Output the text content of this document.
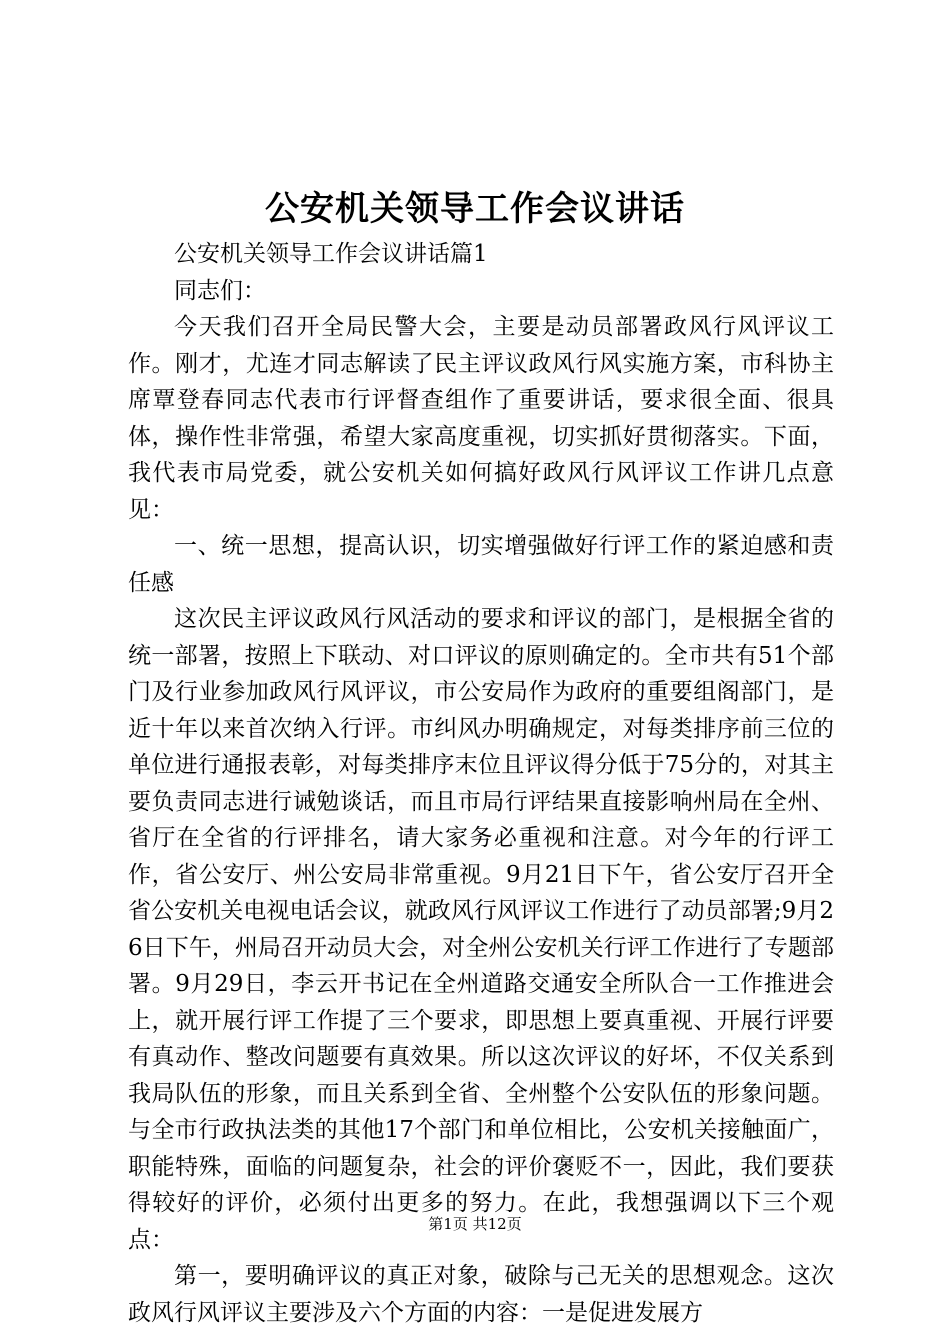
公安机关领导工作会议讲话

公安机关领导工作会议讲话篇1

同志们：

今天我们召开全局民警大会，主要是动员部署政风行风评议工作。刚才，尤连才同志解读了民主评议政风行风实施方案，市科协主席覃登春同志代表市行评督查组作了重要讲话，要求很全面、很具体，操作性非常强，希望大家高度重视，切实抓好贯彻落实。下面，我代表市局党委，就公安机关如何搞好政风行风评议工作讲几点意见：

一、统一思想，提高认识，切实增强做好行评工作的紧迫感和责任感

这次民主评议政风行风活动的要求和评议的部门，是根据全省的统一部署，按照上下联动、对口评议的原则确定的。全市共有51个部门及行业参加政风行风评议，市公安局作为政府的重要组阁部门，是近十年以来首次纳入行评。市纠风办明确规定，对每类排序前三位的单位进行通报表彰，对每类排序末位且评议得分低于75分的，对其主要负责同志进行诫勉谈话，而且市局行评结果直接影响州局在全州、省厅在全省的行评排名，请大家务必重视和注意。对今年的行评工作，省公安厅、州公安局非常重视。9月21日下午，省公安厅召开全省公安机关电视电话会议，就政风行风评议工作进行了动员部署;9月26日下午，州局召开动员大会，对全州公安机关行评工作进行了专题部署。9月29日，李云开书记在全州道路交通安全所队合一工作推进会上，就开展行评工作提了三个要求，即思想上要真重视、开展行评要有真动作、整改问题要有真效果。所以这次评议的好坏，不仅关系到我局队伍的形象，而且关系到全省、全州整个公安队伍的形象问题。与全市行政执法类的其他17个部门和单位相比，公安机关接触面广，职能特殊，面临的问题复杂，社会的评价褒贬不一，因此，我们要获得较好的评价，必须付出更多的努力。在此，我想强调以下三个观点：

第一，要明确评议的真正对象，破除与己无关的思想观念。这次政风行风评议主要涉及六个方面的内容：一是促进发展方

第1页 共12页
